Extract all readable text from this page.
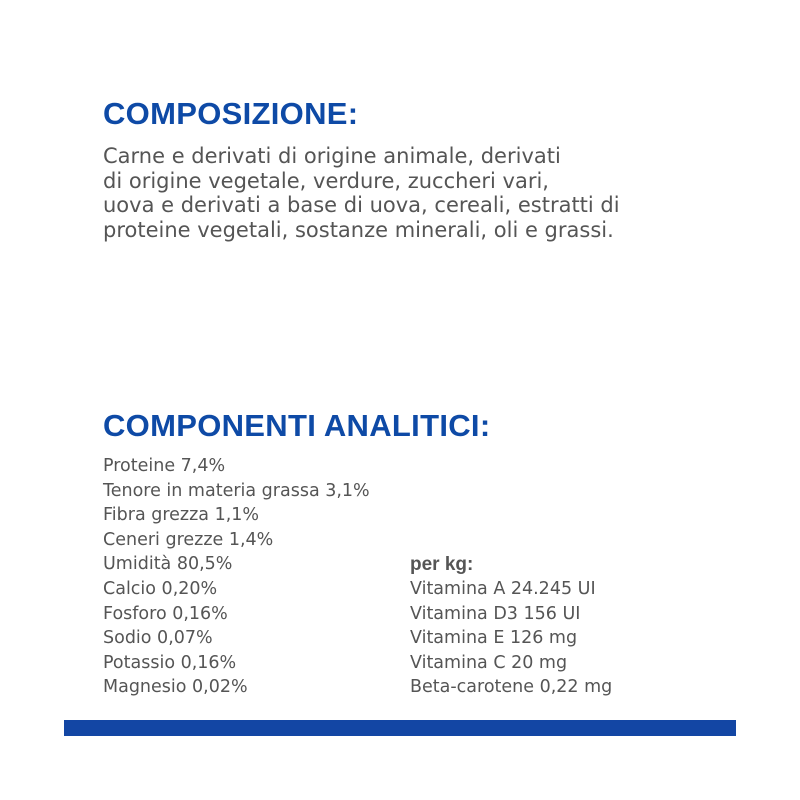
COMPOSIZIONE:
Carne e derivati di origine animale, derivati
di origine vegetale, verdure, zuccheri vari,
uova e derivati a base di uova, cereali, estratti di
proteine vegetali, sostanze minerali, oli e grassi.
COMPONENTI ANALITICI:
Proteine 7,4%
Tenore in materia grassa 3,1%
Fibra grezza 1,1%
Ceneri grezze 1,4%
Umidità 80,5%
Calcio 0,20%
Fosforo 0,16%
Sodio 0,07%
Potassio 0,16%
Magnesio 0,02%
per kg:
Vitamina A 24.245 UI
Vitamina D3 156 UI
Vitamina E 126 mg
Vitamina C 20 mg
Beta-carotene 0,22 mg
